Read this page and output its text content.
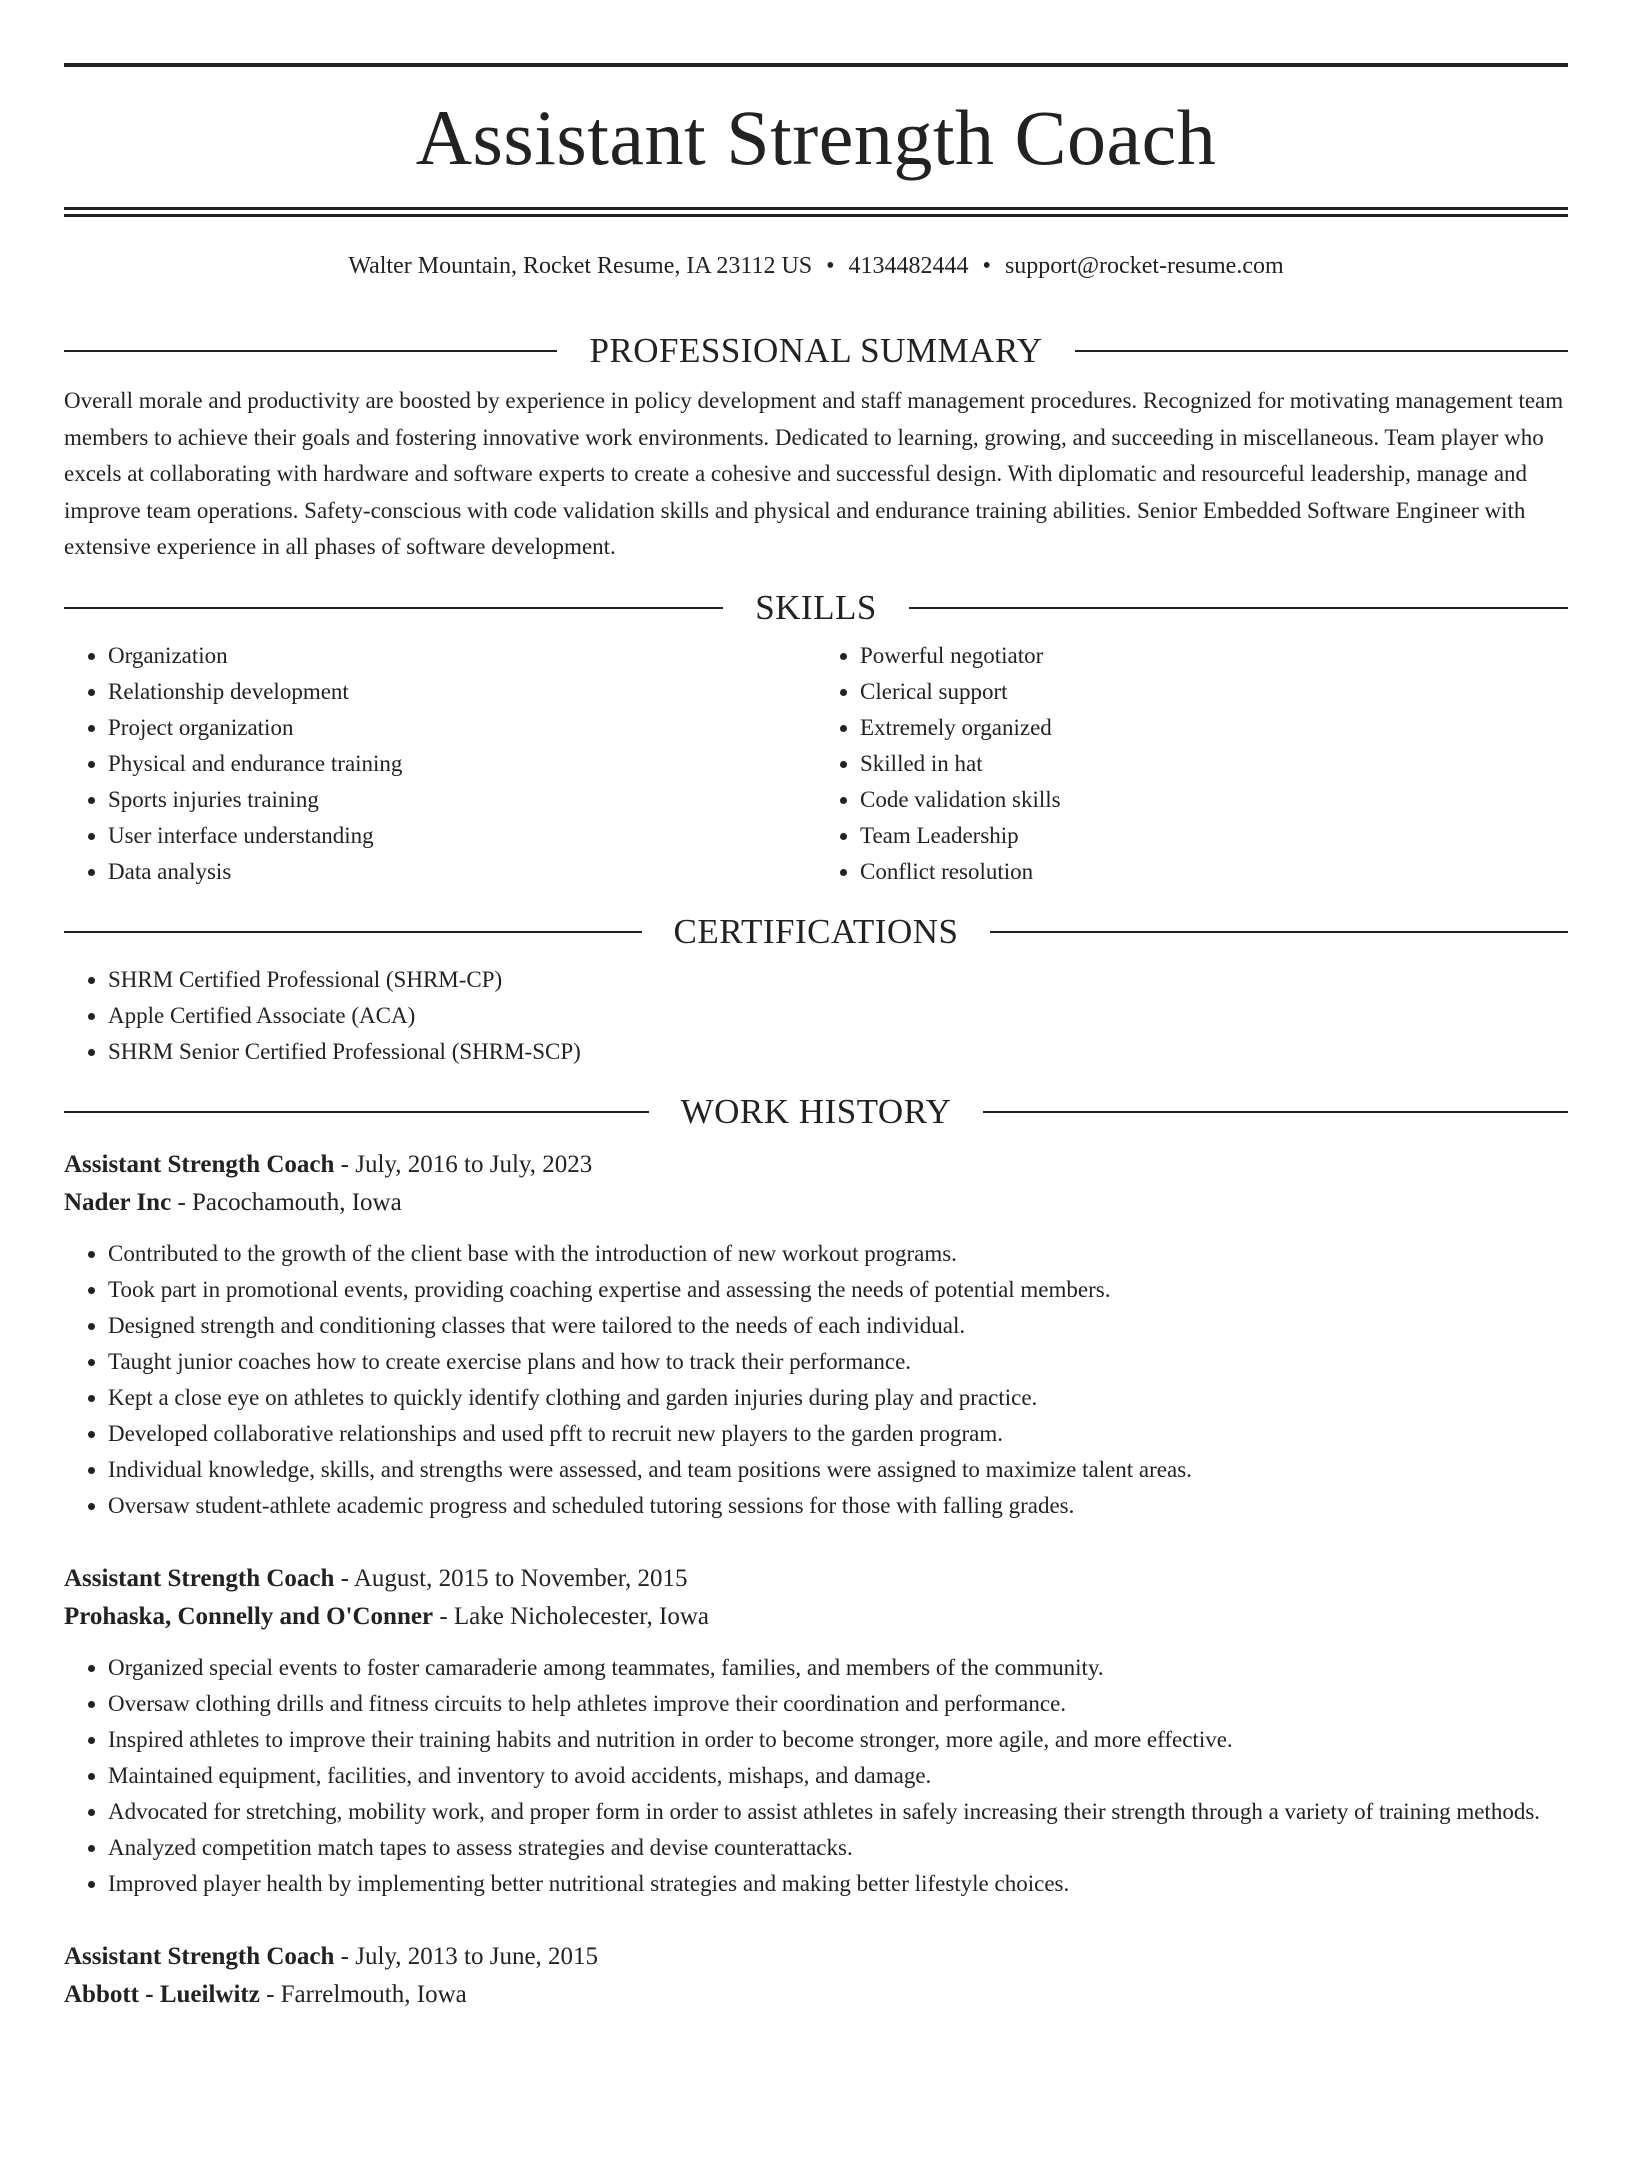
Assistant Strength Coach
Walter Mountain, Rocket Resume, IA 23112 US • 4134482444 • support@rocket-resume.com
PROFESSIONAL SUMMARY

Overall morale and productivity are boosted by experience in policy development and staff management procedures. Recognized for motivating management team members to achieve their goals and fostering innovative work environments. Dedicated to learning, growing, and succeeding in miscellaneous. Team player who excels at collaborating with hardware and software experts to create a cohesive and successful design. With diplomatic and resourceful leadership, manage and improve team operations. Safety-conscious with code validation skills and physical and endurance training abilities. Senior Embedded Software Engineer with extensive experience in all phases of software development.

SKILLS
• Organization
• Relationship development
• Project organization
• Physical and endurance training
• Sports injuries training
• User interface understanding
• Data analysis
• Powerful negotiator
• Clerical support
• Extremely organized
• Skilled in hat
• Code validation skills
• Team Leadership
• Conflict resolution
CERTIFICATIONS
• SHRM Certified Professional (SHRM-CP)
• Apple Certified Associate (ACA)
• SHRM Senior Certified Professional (SHRM-SCP)
WORK HISTORY

Assistant Strength Coach - July, 2016 to July, 2023

Nader Inc - Pacochamouth, Iowa

• Contributed to the growth of the client base with the introduction of new workout programs.
• Took part in promotional events, providing coaching expertise and assessing the needs of potential members.
• Designed strength and conditioning classes that were tailored to the needs of each individual.
• Taught junior coaches how to create exercise plans and how to track their performance.
• Kept a close eye on athletes to quickly identify clothing and garden injuries during play and practice.
• Developed collaborative relationships and used pfft to recruit new players to the garden program.
• Individual knowledge, skills, and strengths were assessed, and team positions were assigned to maximize talent areas.
• Oversaw student-athlete academic progress and scheduled tutoring sessions for those with falling grades.

Assistant Strength Coach - August, 2015 to November, 2015

Prohaska, Connelly and O'Conner - Lake Nicholecester, Iowa

• Organized special events to foster camaraderie among teammates, families, and members of the community.
• Oversaw clothing drills and fitness circuits to help athletes improve their coordination and performance.
• Inspired athletes to improve their training habits and nutrition in order to become stronger, more agile, and more effective.
• Maintained equipment, facilities, and inventory to avoid accidents, mishaps, and damage.
• Advocated for stretching, mobility work, and proper form in order to assist athletes in safely increasing their strength through a variety of training methods.
• Analyzed competition match tapes to assess strategies and devise counterattacks.
• Improved player health by implementing better nutritional strategies and making better lifestyle choices.

Assistant Strength Coach - July, 2013 to June, 2015

Abbott - Lueilwitz - Farrelmouth, Iowa
